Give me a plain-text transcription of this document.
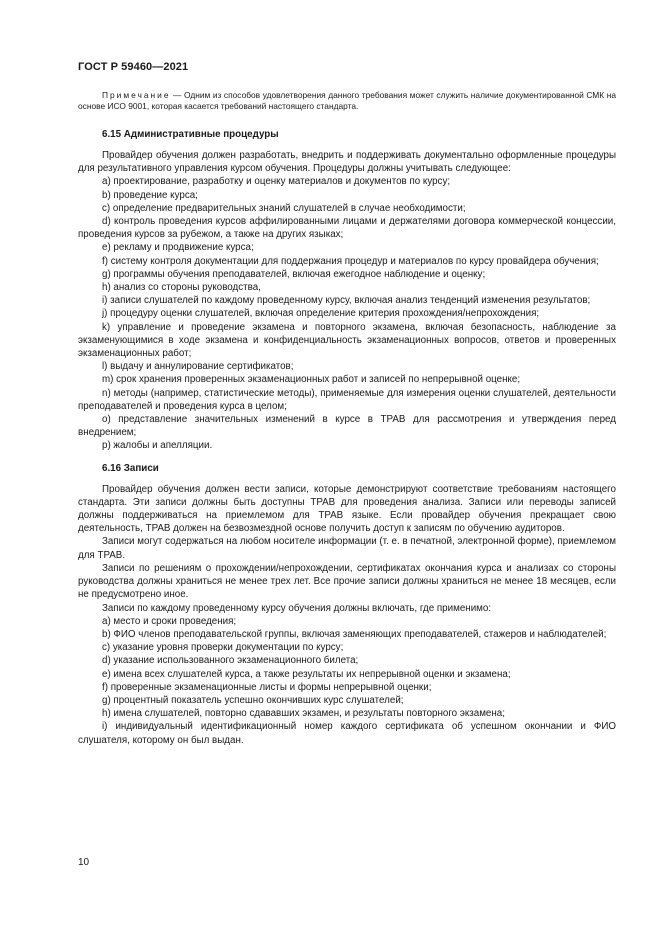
ГОСТ Р 59460—2021

Примечание — Одним из способов удовлетворения данного требования может служить наличие документированной СМК на основе ИСО 9001, которая касается требований настоящего стандарта.

6.15 Административные процедуры

Провайдер обучения должен разработать, внедрить и поддерживать документально оформленные процедуры для результативного управления курсом обучения. Процедуры должны учитывать следующее:

a) проектирование, разработку и оценку материалов и документов по курсу;

b) проведение курса;

c) определение предварительных знаний слушателей в случае необходимости;

d) контроль проведения курсов аффилированными лицами и держателями договора коммерческой концессии, проведения курсов за рубежом, а также на других языках;

e) рекламу и продвижение курса;

f) систему контроля документации для поддержания процедур и материалов по курсу провайдера обучения;

g) программы обучения преподавателей, включая ежегодное наблюдение и оценку;

h) анализ со стороны руководства,

i) записи слушателей по каждому проведенному курсу, включая анализ тенденций изменения результатов;

j) процедуру оценки слушателей, включая определение критерия прохождения/непрохождения;

k) управление и проведение экзамена и повторного экзамена, включая безопасность, наблюдение за экзаменующимися в ходе экзамена и конфиденциальность экзаменационных вопросов, ответов и проверенных экзаменационных работ;

l) выдачу и аннулирование сертификатов;

m) срок хранения проверенных экзаменационных работ и записей по непрерывной оценке;

n) методы (например, статистические методы), применяемые для измерения оценки слушателей, деятельности преподавателей и проведения курса в целом;

o) представление значительных изменений в курсе в TPAB для рассмотрения и утверждения перед внедрением;

p) жалобы и апелляции.

6.16 Записи

Провайдер обучения должен вести записи, которые демонстрируют соответствие требованиям настоящего стандарта. Эти записи должны быть доступны TPAB для проведения анализа. Записи или переводы записей должны поддерживаться на приемлемом для TPAB языке. Если провайдер обучения прекращает свою деятельность, TPAB должен на безвозмездной основе получить доступ к записям по обучению аудиторов.

Записи могут содержаться на любом носителе информации (т. е. в печатной, электронной форме), приемлемом для TPAB.

Записи по решениям о прохождении/непрохождении, сертификатах окончания курса и анализах со стороны руководства должны храниться не менее трех лет. Все прочие записи должны храниться не менее 18 месяцев, если не предусмотрено иное.

Записи по каждому проведенному курсу обучения должны включать, где применимо:

a) место и сроки проведения;

b) ФИО членов преподавательской группы, включая заменяющих преподавателей, стажеров и наблюдателей;

c) указание уровня проверки документации по курсу;

d) указание использованного экзаменационного билета;

e) имена всех слушателей курса, а также результаты их непрерывной оценки и экзамена;

f) проверенные экзаменационные листы и формы непрерывной оценки;

g) процентный показатель успешно окончивших курс слушателей;

h) имена слушателей, повторно сдававших экзамен, и результаты повторного экзамена;

i) индивидуальный идентификационный номер каждого сертификата об успешном окончании и ФИО слушателя, которому он был выдан.

10
